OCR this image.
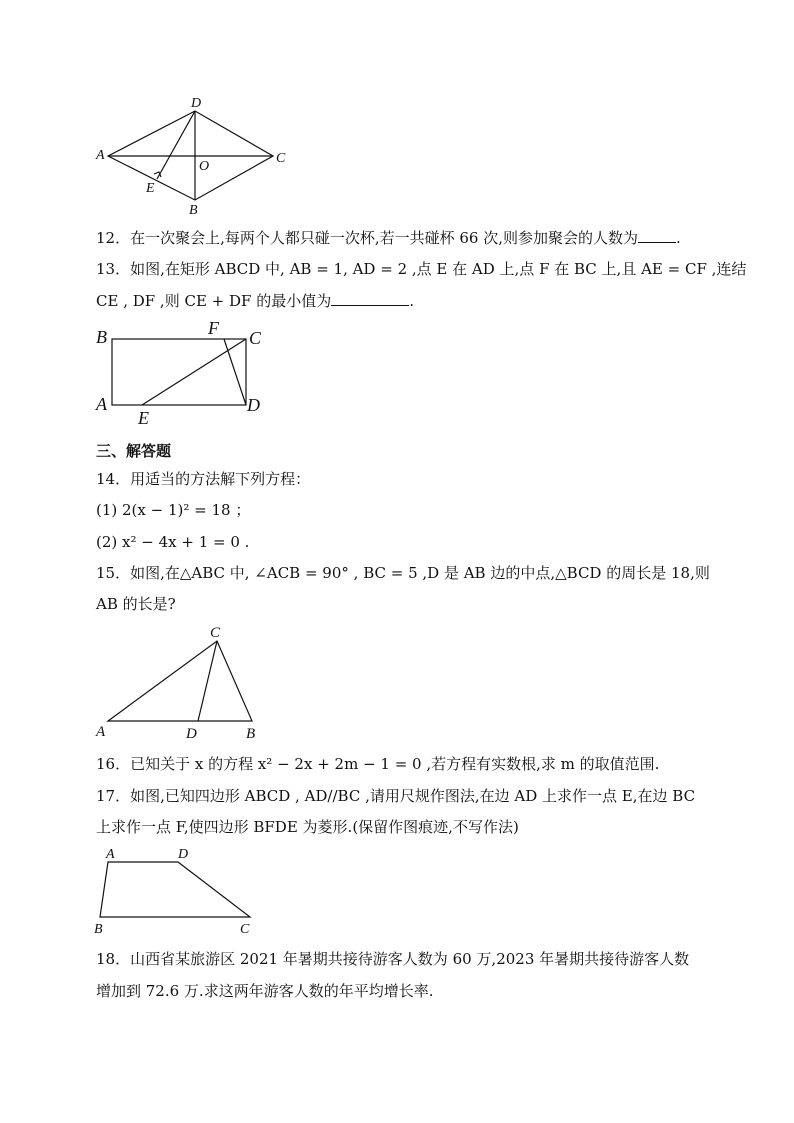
A
D
C
B
E
O
12．在一次聚会上,每两个人都只碰一次杯,若一共碰杯 66 次,则参加聚会的人数为	.
13．如图,在矩形 ABCD 中, AB = 1, AD = 2 ,点 E 在 AD 上,点 F 在 BC 上,且 AE = CF ,连结
CE , DF ,则 CE + DF 的最小值为	.
B	F C
A
E
D
三、解答题
14．用适当的方法解下列方程：
(1) 2(x − 1)² = 18 ；
(2) x² − 4x + 1 = 0 .
15．如图,在△ABC 中, ∠ACB = 90° , BC = 5 ,D 是 AB 边的中点,△BCD 的周长是 18,则
AB 的长是?
C
A	D	B
16．已知关于 x 的方程 x² − 2x + 2m − 1 = 0 ,若方程有实数根,求 m 的取值范围.
17．如图,已知四边形 ABCD , AD//BC ,请用尺规作图法,在边 AD 上求作一点 E,在边 BC
上求作一点 F,使四边形 BFDE 为菱形.(保留作图痕迹,不写作法)
A	D
B	C
18．山西省某旅游区 2021 年暑期共接待游客人数为 60 万,2023 年暑期共接待游客人数
增加到 72.6 万.求这两年游客人数的年平均增长率.
